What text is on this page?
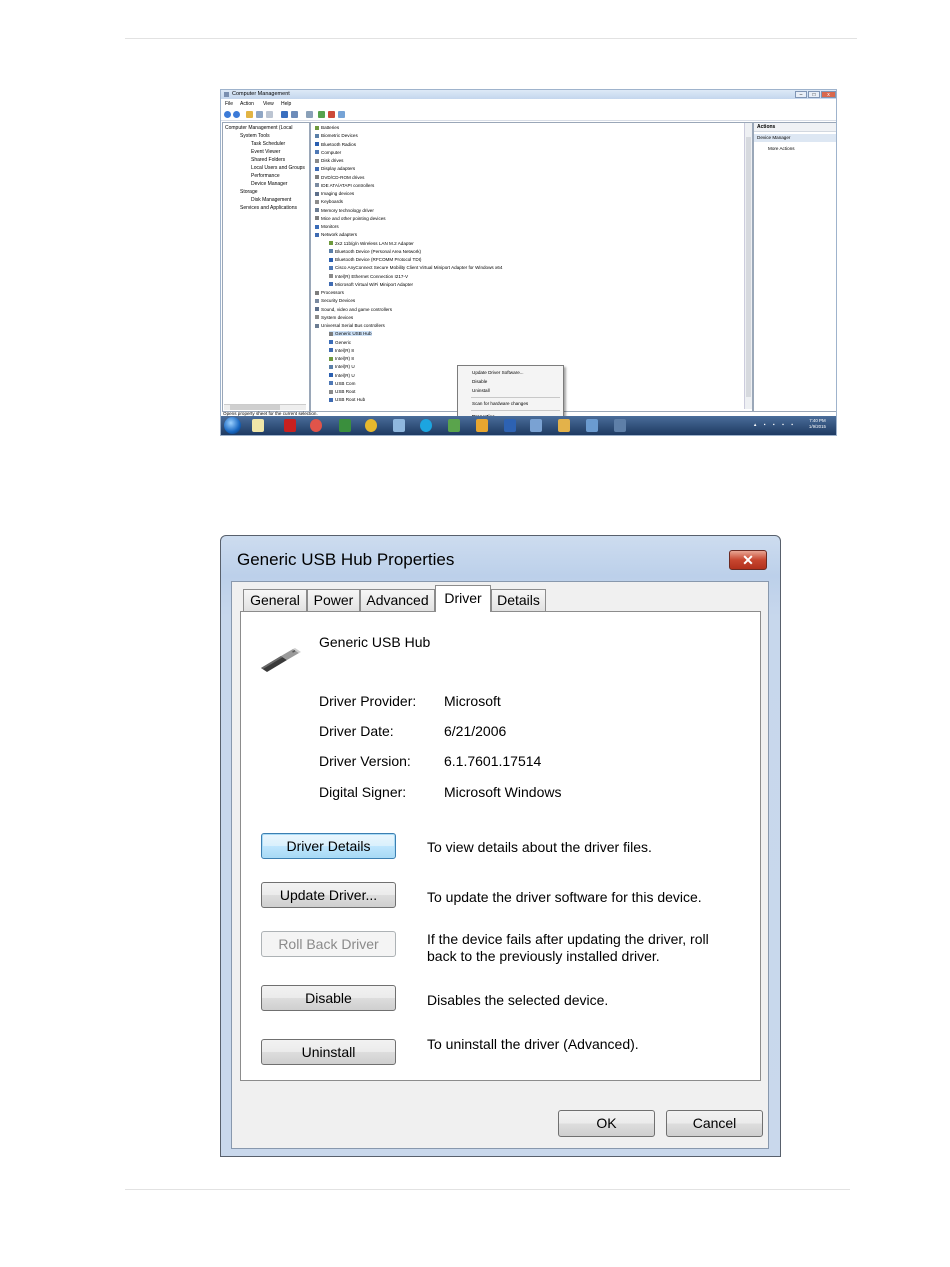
Computer Management	–	□	x
File Action View Help
Computer Management (Local
System Tools
Task Scheduler
Event Viewer
Shared Folders
Local Users and Groups
Performance
Device Manager
Storage
Disk Management
Services and Applications
Batteries
Biometric Devices
Bluetooth Radios
Computer
Disk drives
Display adapters
DVD/CD-ROM drives
IDE ATA/ATAPI controllers
Imaging devices
Keyboards
Memory technology driver
Mice and other pointing devices
Monitors
Network adapters
2x2 11b/g/n Wireless LAN M.2 Adapter
Bluetooth Device (Personal Area Network)
Bluetooth Device (RFCOMM Protocol TDI)
Cisco AnyConnect Secure Mobility Client Virtual Miniport Adapter for Windows x64
Intel(R) Ethernet Connection I217-V
Microsoft Virtual WiFi Miniport Adapter
Processors
Security Devices
Sound, video and game controllers
System devices
Universal Serial Bus controllers
Generic USB Hub
Generic
Intel(R) 8
Intel(R) 8
Intel(R) U
Intel(R) U
USB Com
USB Root
USB Root Hub
Update Driver Software...
Disable
Uninstall
Scan for hardware changes
Actions
Device Manager
More Actions
Opens property sheet for the current selection.
▴ ▪ ▪ ▪ ▪
7:40 PM
1/9/2015
Generic USB Hub Properties	✕
General Power Advanced	Driver	Details
Generic USB Hub
Driver Provider: Microsoft
Driver Date:	6/21/2006
Driver Version: 6.1.7601.17514
Digital Signer:	Microsoft Windows
Driver Details	To view details about the driver files.
Update Driver...	To update the driver software for this device.
Roll Back Driver	If the device fails after updating the driver, roll back to the previously installed driver.
Disable	Disables the selected device.
Uninstall	To uninstall the driver (Advanced).
OK	Cancel
